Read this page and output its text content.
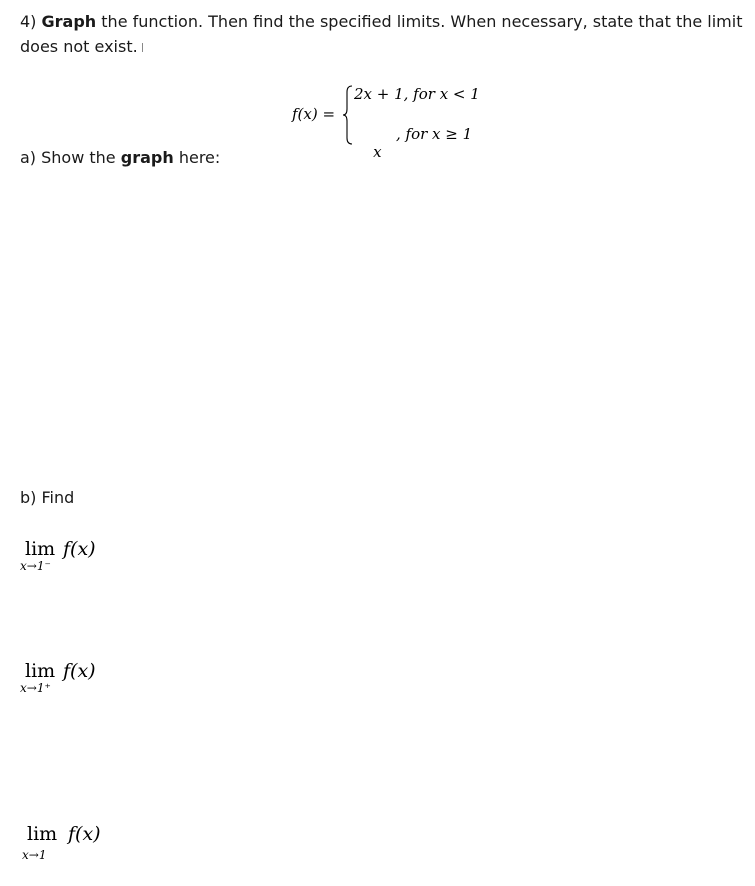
4) Graph the function. Then find the specified limits. When necessary, state that the limit does not exist.
f(x) =
2x + 1, for x < 1

x

, for x ≥ 1

a) Show the graph here:
b) Find
lim f(x)
x→1⁻
lim f(x)
x→1⁺
lim f(x)
x→1
